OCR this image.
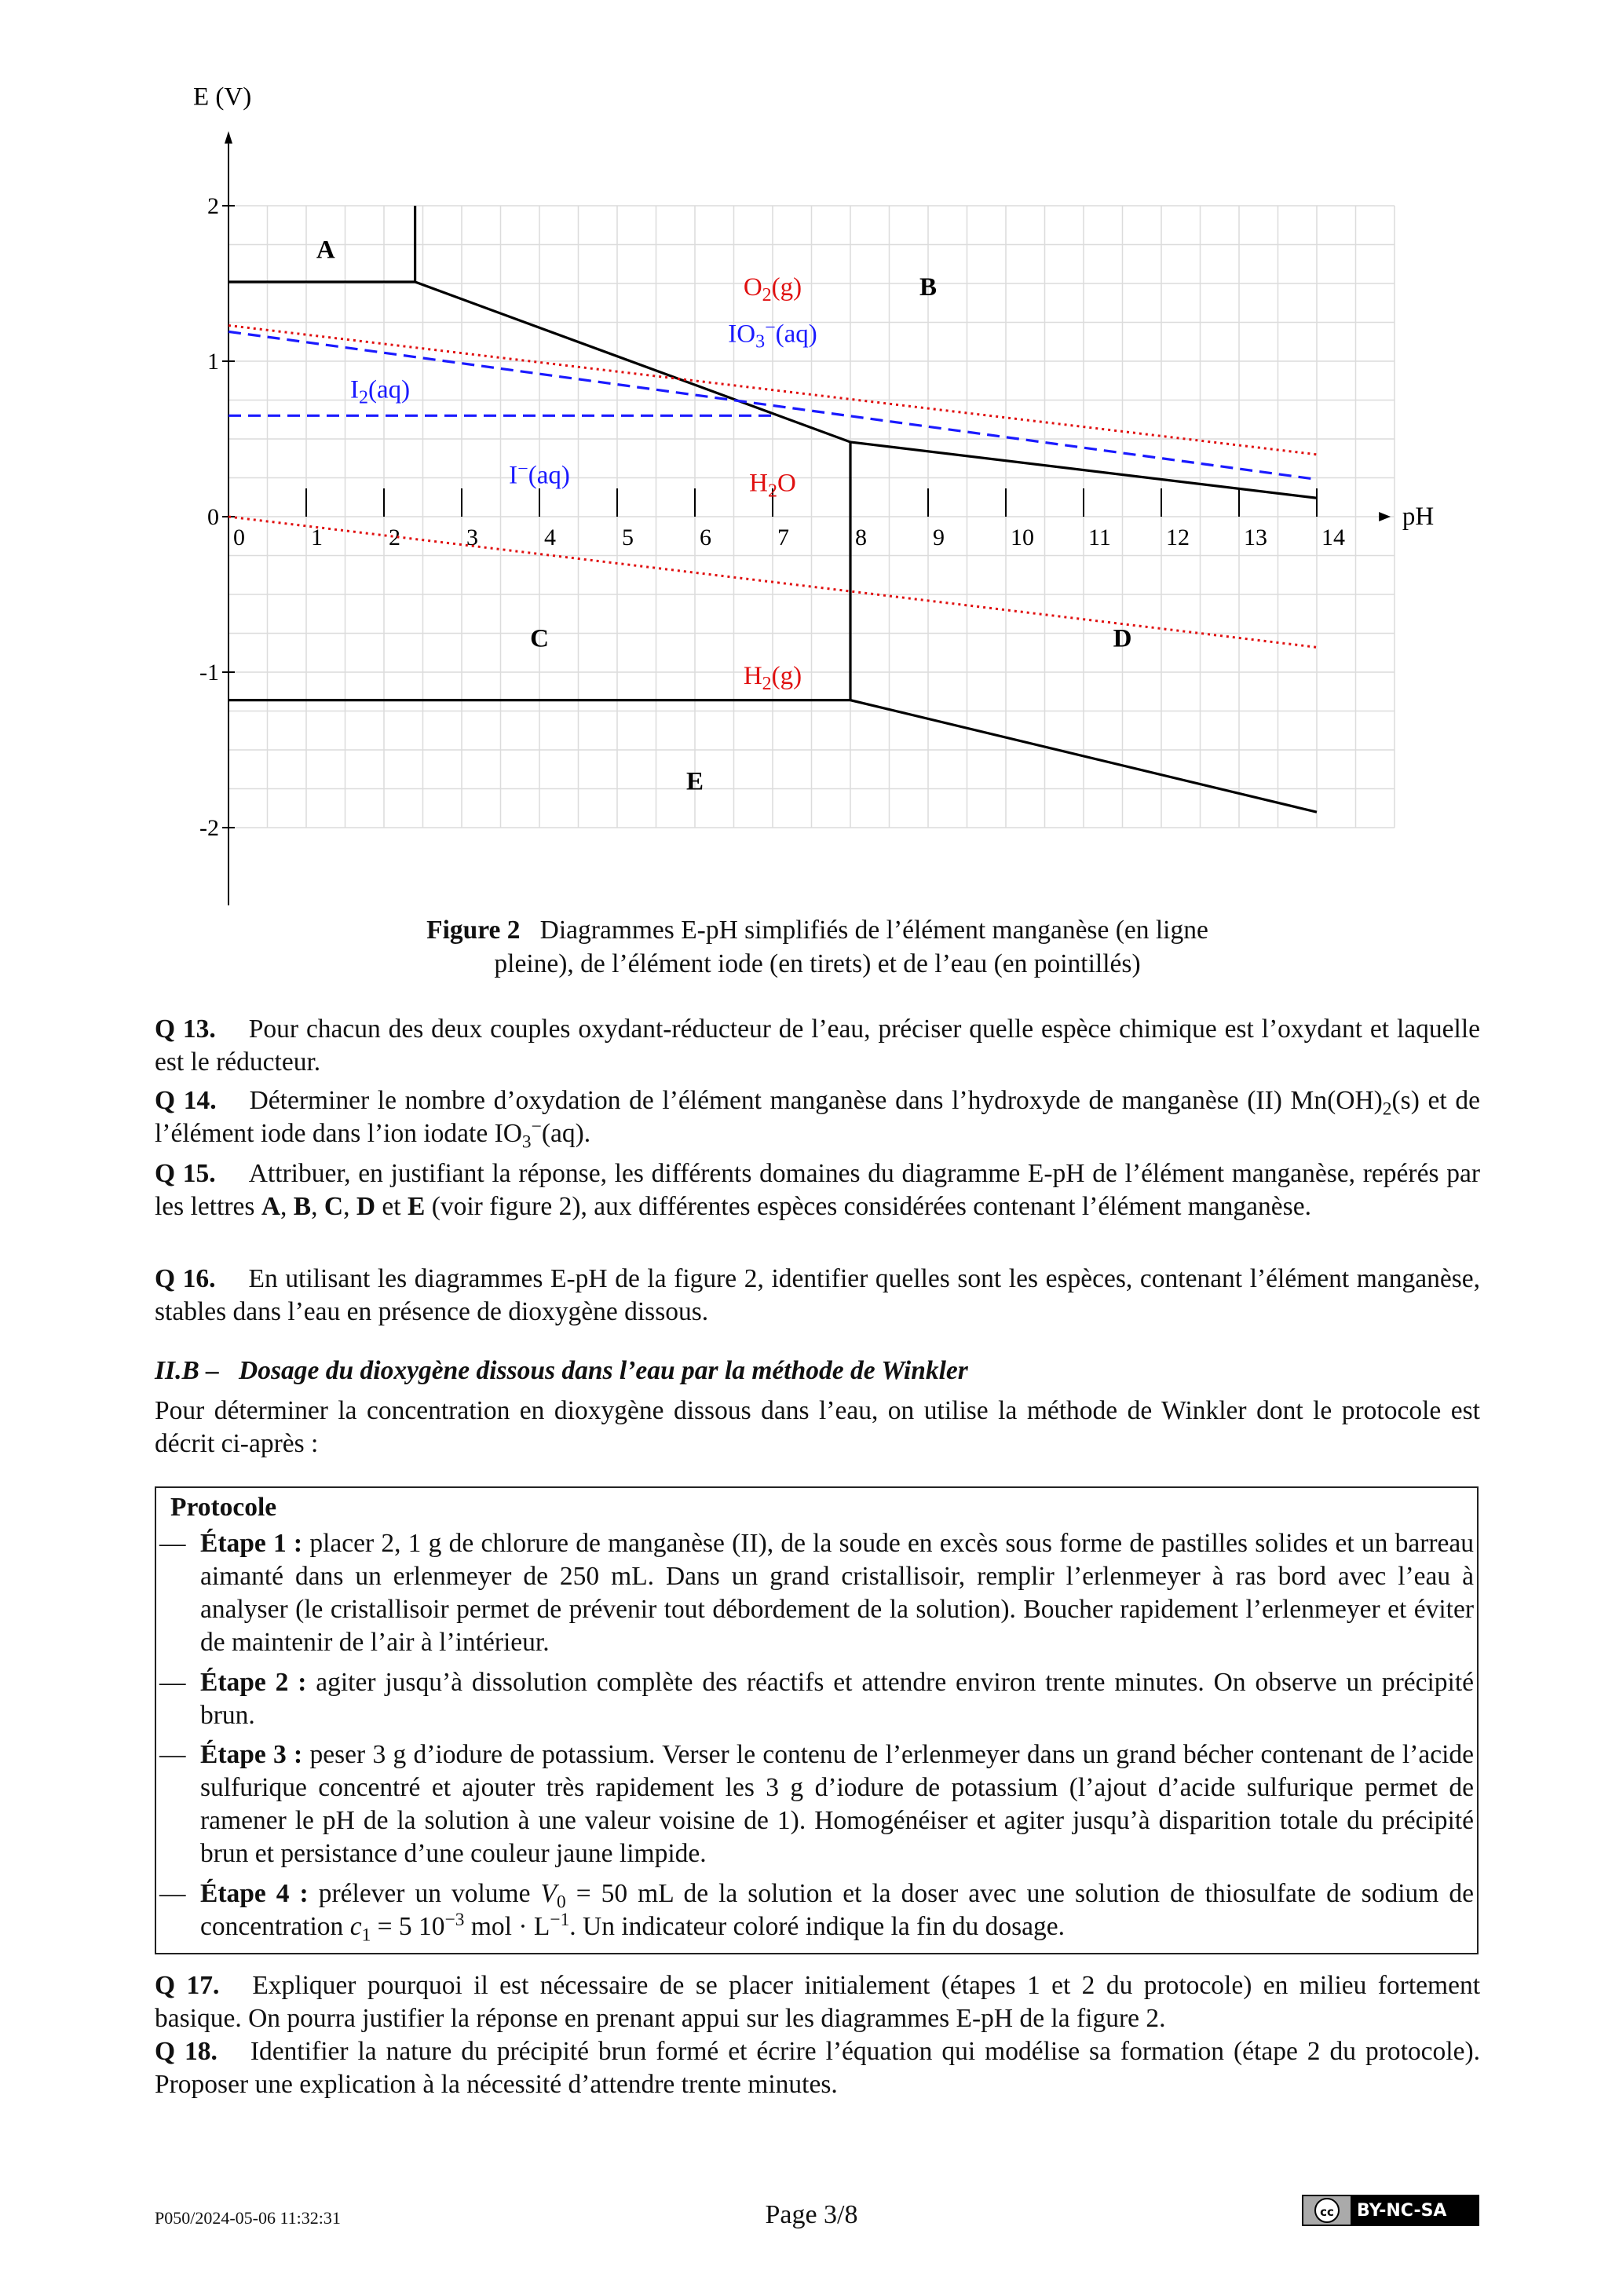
pH
E (V)
0	1	2	3	4	5	6	7	8	9	10 11 12 13 14
2
1
0
-1
-2
A
B
C	D
E
O2(g)
IO3−(aq)
I2(aq)
I−(aq)	H2O
H2(g)
Figure 2 Diagrammes E-pH simplifiés de l’élément manganèse (en ligne pleine), de l’élément iode (en tirets) et de l’eau (en pointillés)
Q 13. Pour chacun des deux couples oxydant-réducteur de l’eau, préciser quelle espèce chimique est l’oxydant et laquelle est le réducteur.
Q 14. Déterminer le nombre d’oxydation de l’élément manganèse dans l’hydroxyde de manganèse (II) $Mn(OH)_2(s)$ et de l’élément iode dans l’ion iodate $IO_3^-(aq)$.
Q 15. Attribuer, en justifiant la réponse, les différents domaines du diagramme E-pH de l’élément manganèse, repérés par les lettres A, B, C, D et E (voir figure 2), aux différentes espèces considérées contenant l’élément manganèse.
Q 16. En utilisant les diagrammes E-pH de la figure 2, identifier quelles sont les espèces, contenant l’élément manganèse, stables dans l’eau en présence de dioxygène dissous.
II.B –   Dosage du dioxygène dissous dans l’eau par la méthode de Winkler
Pour déterminer la concentration en dioxygène dissous dans l’eau, on utilise la méthode de Winkler dont le protocole est décrit ci-après :
Protocole
— Étape 1 : placer 2, 1 g de chlorure de manganèse (II), de la soude en excès sous forme de pastilles solides et un barreau aimanté dans un erlenmeyer de 250 mL. Dans un grand cristallisoir, remplir l’erlenmeyer à ras bord avec l’eau à analyser (le cristallisoir permet de prévenir tout débordement de la solution). Boucher rapidement l’erlenmeyer et éviter de maintenir de l’air à l’intérieur.
— Étape 2 : agiter jusqu’à dissolution complète des réactifs et attendre environ trente minutes. On observe un précipité brun.
— Étape 3 : peser 3 g d’iodure de potassium. Verser le contenu de l’erlenmeyer dans un grand bécher contenant de l’acide sulfurique concentré et ajouter très rapidement les 3 g d’iodure de potassium (l’ajout d’acide sulfurique permet de ramener le pH de la solution à une valeur voisine de 1). Homogénéiser et agiter jusqu’à disparition totale du précipité brun et persistance d’une couleur jaune limpide.
— Étape 4 : prélever un volume $V_0 = 50$ mL de la solution et la doser avec une solution de thiosulfate de sodium de concentration $c_1 = 5$ $10^{-3}$ mol · $L^{-1}$. Un indicateur coloré indique la fin du dosage.
Q 17. Expliquer pourquoi il est nécessaire de se placer initialement (étapes 1 et 2 du protocole) en milieu fortement basique. On pourra justifier la réponse en prenant appui sur les diagrammes E-pH de la figure 2.
Q 18. Identifier la nature du précipité brun formé et écrire l’équation qui modélise sa formation (étape 2 du protocole). Proposer une explication à la nécessité d’attendre trente minutes.
P050/2024-05-06 11:32:31	Page 3/8	cc	BY-NC-SA
